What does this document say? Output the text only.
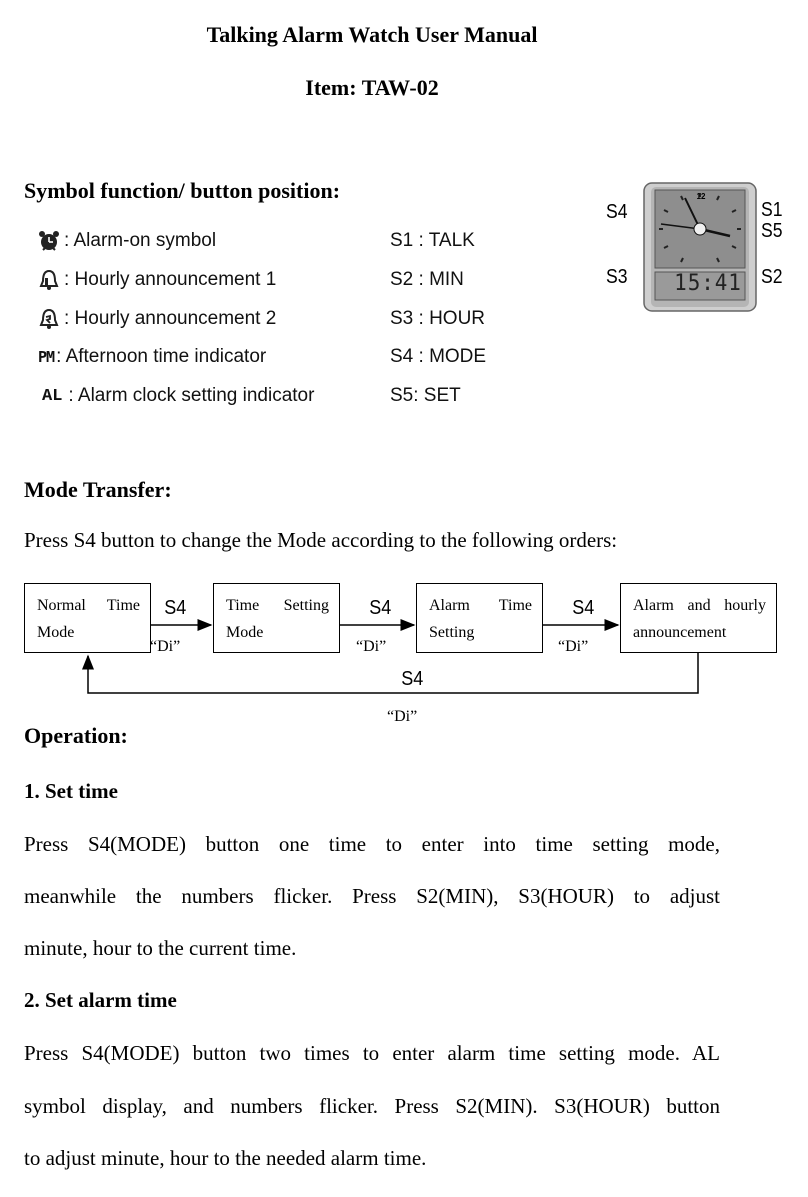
Talking Alarm Watch User Manual
Item: TAW-02
Symbol function/ button position:
: Alarm-on symbol
: Hourly announcement 1
: Hourly announcement 2
PM : Afternoon time indicator
AL : Alarm clock setting indicator
S1 : TALK
S2 : MIN
S3 : HOUR
S4 : MODE
S5: SET
S4	S1
S5
S3	S2
12
15:41
Mode Transfer:
Press S4 button to change the Mode according to the following orders:
Normal Time
Mode
Time Setting
Mode
Alarm Time
Setting
Alarm and hourly
announcement
S4	S4	S4
S4
“Di”	“Di”	“Di”
“Di”
Operation:
1. Set time
Press S4(MODE) button one time to enter into time setting mode,
meanwhile the numbers flicker. Press S2(MIN), S3(HOUR) to adjust
minute, hour to the current time.
2. Set alarm time
Press S4(MODE) button two times to enter alarm time setting mode. AL
symbol display, and numbers flicker. Press S2(MIN). S3(HOUR) button
to adjust minute, hour to the needed alarm time.
